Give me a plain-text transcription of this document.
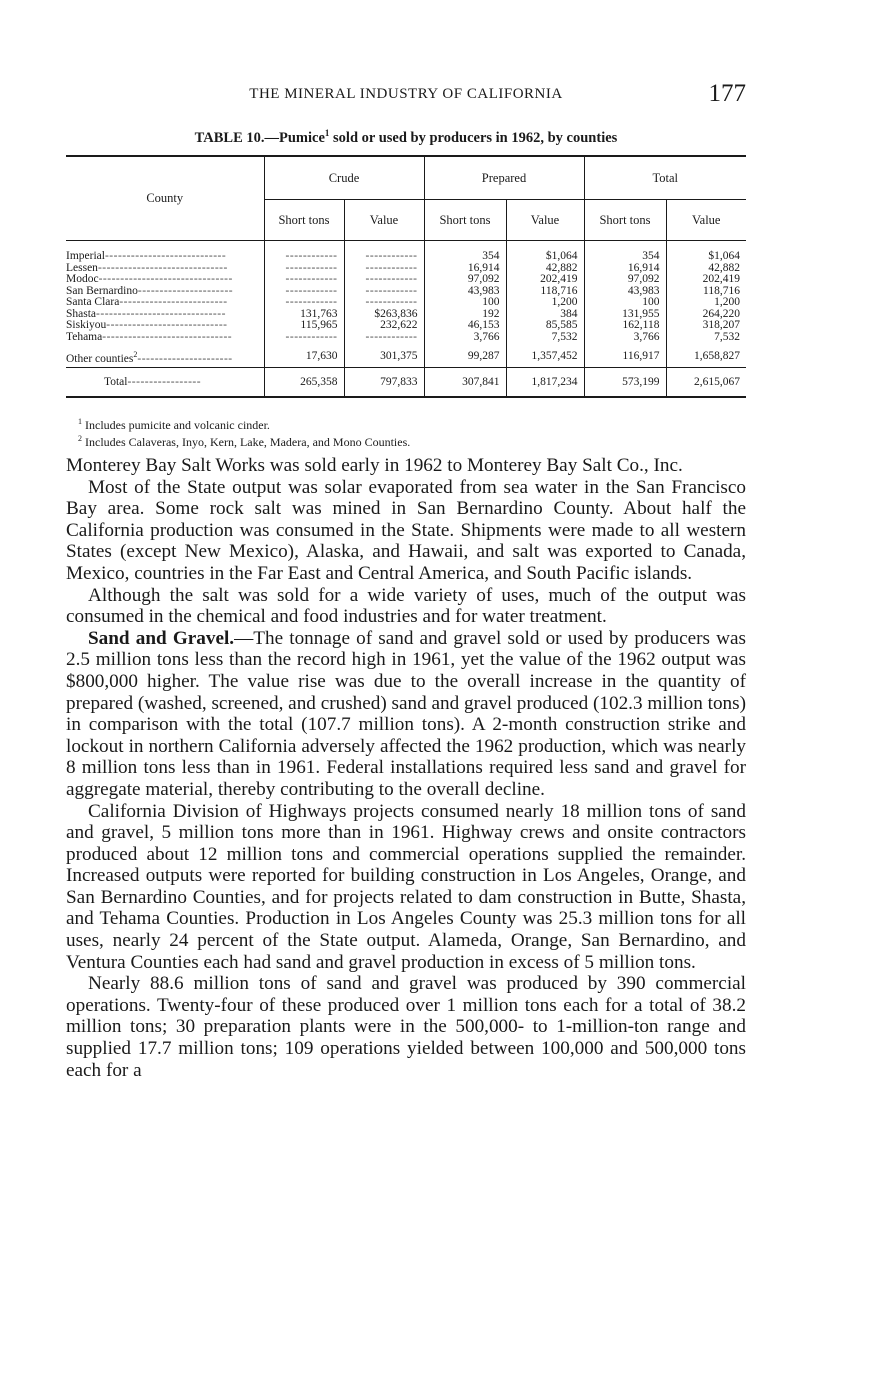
THE MINERAL INDUSTRY OF CALIFORNIA	177
TABLE 10.—Pumice$^1$ sold or used by producers in 1962, by counties
County	Crude		Prepared		Total	
	Short tons	Value	Short tons	Value	Short tons	Value

Imperial----------------------------	------------	------------	354	$1,064	354	$1,064
Lessen------------------------------	------------	------------	16,914	42,882	16,914	42,882
Modoc-------------------------------	------------	------------	97,092	202,419	97,092	202,419
San Bernardino----------------------	------------	------------	43,983	118,716	43,983	118,716
Santa Clara-------------------------	------------	------------	100	1,200	100	1,200
Shasta------------------------------	131,763	$263,836	192	384	131,955	264,220
Siskiyou----------------------------	115,965	232,622	46,153	85,585	162,118	318,207
Tehama------------------------------	------------	------------	3,766	7,532	3,766	7,532

Other counties$^2$----------------------	17,630	301,375	99,287	1,357,452	116,917	1,658,827
Total-----------------	265,358	797,833	307,841	1,817,234	573,199	2,615,067
$^1$ Includes pumicite and volcanic cinder.
$^2$ Includes Calaveras, Inyo, Kern, Lake, Madera, and Mono Counties.

Monterey Bay Salt Works was sold early in 1962 to Monterey Bay Salt Co., Inc.

Most of the State output was solar evaporated from sea water in the San Francisco Bay area. Some rock salt was mined in San Bernardino County. About half the California production was consumed in the State. Shipments were made to all western States (except New Mexico), Alaska, and Hawaii, and salt was exported to Canada, Mexico, countries in the Far East and Central America, and South Pacific islands.

Although the salt was sold for a wide variety of uses, much of the output was consumed in the chemical and food industries and for water treatment.

Sand and Gravel.—The tonnage of sand and gravel sold or used by producers was 2.5 million tons less than the record high in 1961, yet the value of the 1962 output was $800,000 higher. The value rise was due to the overall increase in the quantity of prepared (washed, screened, and crushed) sand and gravel produced (102.3 million tons) in comparison with the total (107.7 million tons). A 2-month construction strike and lockout in northern California adversely affected the 1962 production, which was nearly 8 million tons less than in 1961. Federal installations required less sand and gravel for aggregate material, thereby contributing to the overall decline.

California Division of Highways projects consumed nearly 18 million tons of sand and gravel, 5 million tons more than in 1961. Highway crews and onsite contractors produced about 12 million tons and commercial operations supplied the remainder. Increased outputs were reported for building construction in Los Angeles, Orange, and San Bernardino Counties, and for projects related to dam construction in Butte, Shasta, and Tehama Counties. Production in Los Angeles County was 25.3 million tons for all uses, nearly 24 percent of the State output. Alameda, Orange, San Bernardino, and Ventura Counties each had sand and gravel production in excess of 5 million tons.

Nearly 88.6 million tons of sand and gravel was produced by 390 commercial operations. Twenty-four of these produced over 1 million tons each for a total of 38.2 million tons; 30 preparation plants were in the 500,000- to 1-million-ton range and supplied 17.7 million tons; 109 operations yielded between 100,000 and 500,000 tons each for a
